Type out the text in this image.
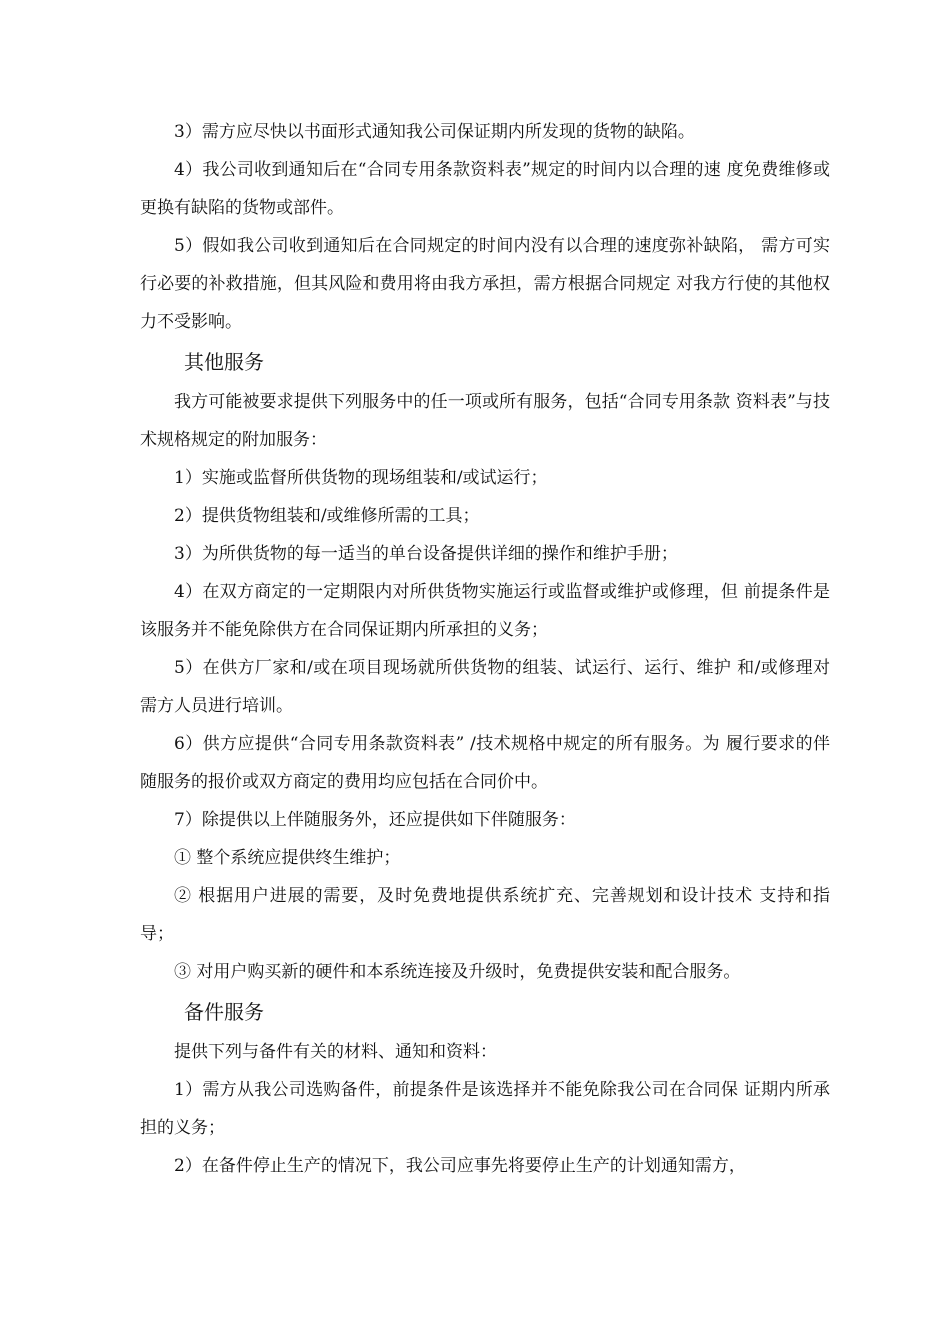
3）需方应尽快以书面形式通知我公司保证期内所发现的货物的缺陷。

4）我公司收到通知后在“合同专用条款资料表”规定的时间内以合理的速 度免费维修或更换有缺陷的货物或部件。

5）假如我公司收到通知后在合同规定的时间内没有以合理的速度弥补缺陷， 需方可实行必要的补救措施，但其风险和费用将由我方承担，需方根据合同规定 对我方行使的其他权力不受影响。

其他服务

我方可能被要求提供下列服务中的任一项或所有服务，包括“合同专用条款 资料表”与技术规格规定的附加服务：

1）实施或监督所供货物的现场组装和/或试运行；

2）提供货物组装和/或维修所需的工具；

3）为所供货物的每一适当的单台设备提供详细的操作和维护手册；

4）在双方商定的一定期限内对所供货物实施运行或监督或维护或修理，但 前提条件是该服务并不能免除供方在合同保证期内所承担的义务；

5）在供方厂家和/或在项目现场就所供货物的组装、试运行、运行、维护 和/或修理对需方人员进行培训。

6）供方应提供“合同专用条款资料表” /技术规格中规定的所有服务。为 履行要求的伴随服务的报价或双方商定的费用均应包括在合同价中。

7）除提供以上伴随服务外，还应提供如下伴随服务：

① 整个系统应提供终生维护；

② 根据用户进展的需要，及时免费地提供系统扩充、完善规划和设计技术 支持和指导；

③ 对用户购买新的硬件和本系统连接及升级时，免费提供安装和配合服务。

备件服务

提供下列与备件有关的材料、通知和资料：

1）需方从我公司选购备件，前提条件是该选择并不能免除我公司在合同保 证期内所承担的义务；

2）在备件停止生产的情况下，我公司应事先将要停止生产的计划通知需方，
